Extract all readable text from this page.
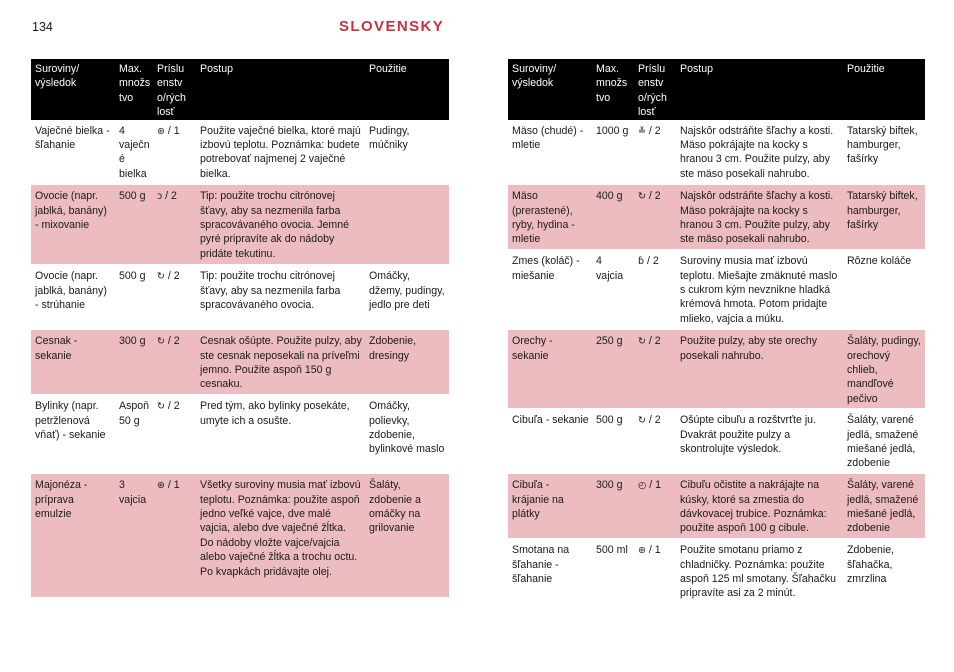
134	SLOVENSKY
Suroviny/ výsledok	Max. množs tvo	Príslu enstv o/rých losť	Postup	Použitie
Vaječné bielka - šľahanie	4 vaječn é bielka	⊛ / 1	Použite vaječné bielka, ktoré majú izbovú teplotu. Poznámka: budete potrebovať najmenej 2 vaječné bielka.	Pudingy, múčniky
Ovocie (napr. jablká, banány) - mixovanie	500 g	ↄ / 2	Tip: použite trochu citrónovej šťavy, aby sa nezmenila farba spracovávaného ovocia. Jemné pyré pripravíte ak do nádoby pridáte tekutinu.	
Ovocie (napr. jablká, banány) - strúhanie	500 g	↻ / 2	Tip: použite trochu citrónovej šťavy, aby sa nezmenila farba spracovávaného ovocia.	Omáčky, džemy, pudingy, jedlo pre deti
Cesnak - sekanie	300 g	↻ / 2	Cesnak ošúpte. Použite pulzy, aby ste cesnak neposekali na príveľmi jemno. Použite aspoň 150 g cesnaku.	Zdobenie, dresingy
Bylinky (napr. petržlenová vňať) - sekanie	Aspoň 50 g	↻ / 2	Pred tým, ako bylinky posekáte, umyte ich a osušte.	Omáčky, polievky, zdobenie, bylinkové maslo
Majonéza - príprava emulzie	3 vajcia	⊛ / 1	Všetky suroviny musia mať izbovú teplotu. Poznámka: použite aspoň jedno veľké vajce, dve malé vajcia, alebo dve vaječné žĺtka. Do nádoby vložte vajce/vajcia alebo vaječné žĺtka a trochu octu. Po kvapkách pridávajte olej.	Šaláty, zdobenie a omáčky na grilovanie
Suroviny/ výsledok	Max. množs tvo	Príslu enstv o/rých losť	Postup	Použitie
Mäso (chudé) - mletie	1000 g	≚ / 2	Najskôr odstráňte šľachy a kosti. Mäso pokrájajte na kocky s hranou 3 cm. Použite pulzy, aby ste mäso posekali nahrubo.	Tatarský biftek, hamburger, fašírky
Mäso (prerastené), ryby, hydina - mletie	400 g	↻ / 2	Najskôr odstráňte šľachy a kosti. Mäso pokrájajte na kocky s hranou 3 cm. Použite pulzy, aby ste mäso posekali nahrubo.	Tatarský biftek, hamburger, fašírky
Zmes (koláč) - miešanie	4 vajcia	ɓ / 2	Suroviny musia mať izbovú teplotu. Miešajte zmäknuté maslo s cukrom kým nevznikne hladká krémová hmota. Potom pridajte mlieko, vajcia a múku.	Rôzne koláče
Orechy - sekanie	250 g	↻ / 2	Použite pulzy, aby ste orechy posekali nahrubo.	Šaláty, pudingy, orechový chlieb, mandľové pečivo
Cibuľa - sekanie	500 g	↻ / 2	Ošúpte cibuľu a rozštvrťte ju. Dvakrát použite pulzy a skontrolujte výsledok.	Šaláty, varené jedlá, smažené miešané jedlá, zdobenie
Cibuľa - krájanie na plátky	300 g	◴ / 1	Cibuľu očistite a nakrájajte na kúsky, ktoré sa zmestia do dávkovacej trubice. Poznámka: použite aspoň 100 g cibule.	Šaláty, varené jedlá, smažené miešané jedlá, zdobenie
Smotana na šľahanie - šľahanie	500 ml	⊛ / 1	Použite smotanu priamo z chladničky. Poznámka: použite aspoň 125 ml smotany. Šľahačku pripravíte asi za 2 minút.	Zdobenie, šľahačka, zmrzlina
